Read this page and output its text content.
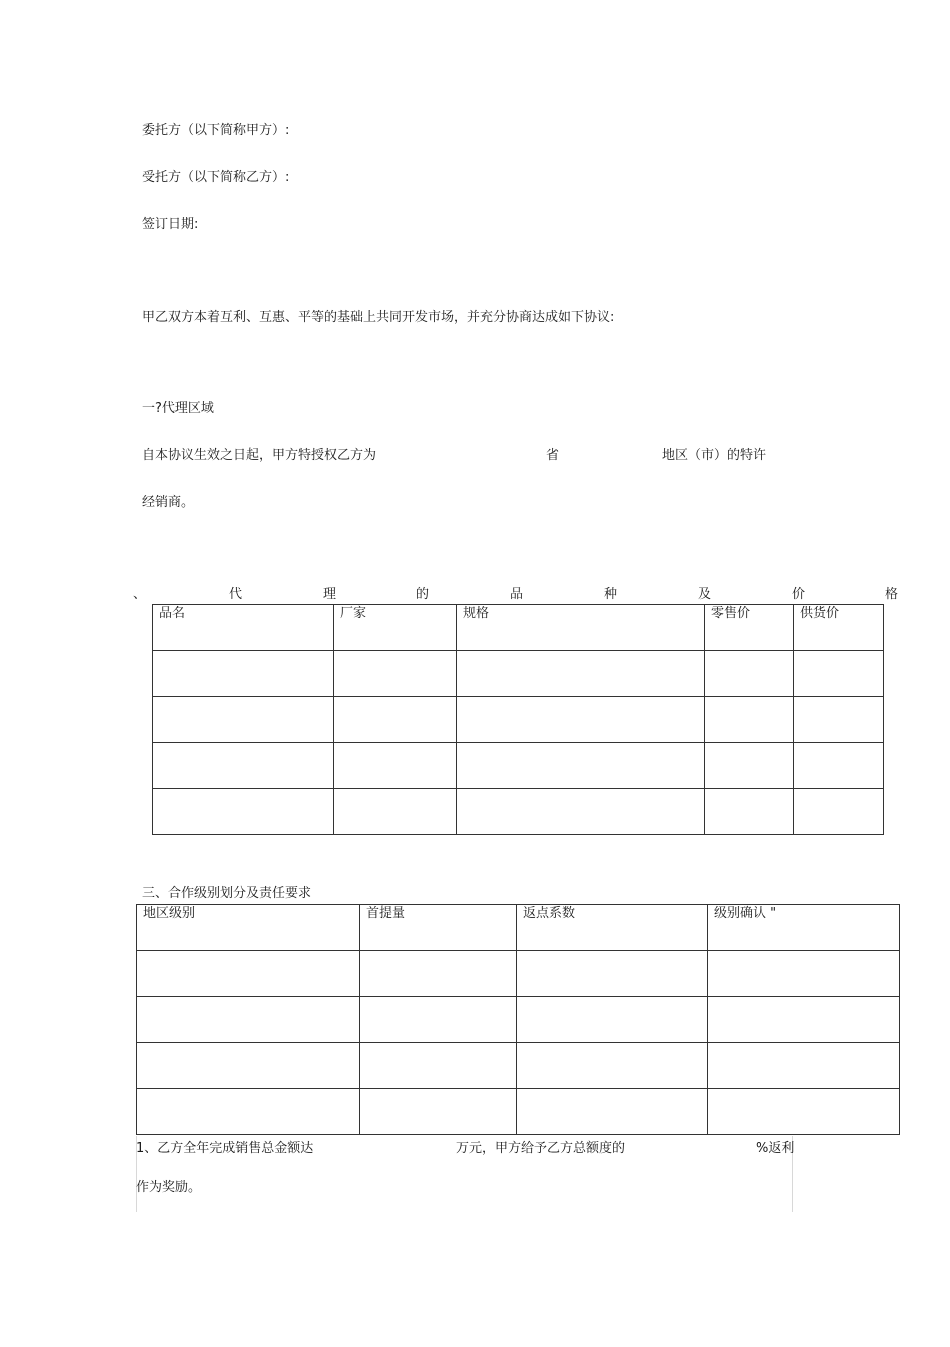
委托方（以下简称甲方）:
受托方（以下简称乙方）:
签订日期:
甲乙双方本着互利、互惠、平等的基础上共同开发市场，并充分协商达成如下协议:
一?代理区域
自本协议生效之日起，甲方特授权乙方为	省	地区（市）的特许
经销商。
、	代	理	的	品	种	及	价	格
品名	厂家	规格	零售价	供货价

三、合作级别划分及责任要求
地区级别	首提量	返点系数	级别确认 "

1、乙方全年完成销售总金额达	万元，甲方给予乙方总额度的	%返利
作为奖励。
